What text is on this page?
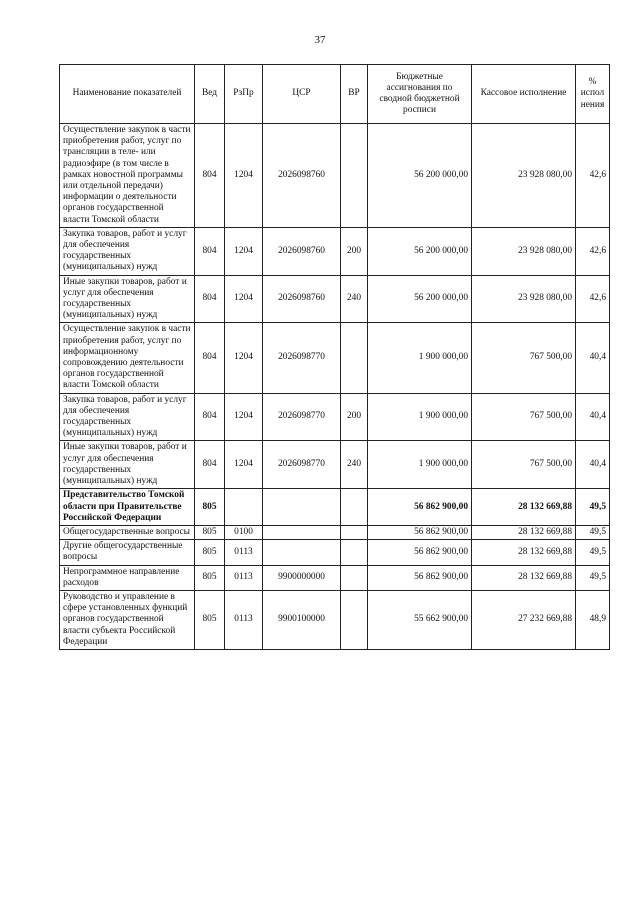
37
Наименование показателей	Вед	РзПр	ЦСР	ВР	Бюджетные ассигнования по сводной бюджетной росписи	Кассовое исполнение	% испол нения
Осуществление закупок в части приобретения работ, услуг по трансляции в теле- или радиоэфире (в том числе в рамках новостной программы или отдельной передачи) информации о деятельности органов государственной власти Томской области	804	1204	2026098760		56 200 000,00	23 928 080,00	42,6
Закупка товаров, работ и услуг для обеспечения государственных (муниципальных) нужд	804	1204	2026098760	200	56 200 000,00	23 928 080,00	42,6
Иные закупки товаров, работ и услуг для обеспечения государственных (муниципальных) нужд	804	1204	2026098760	240	56 200 000,00	23 928 080,00	42,6
Осуществление закупок в части приобретения работ, услуг по информационному сопровождению деятельности органов государственной власти Томской области	804	1204	2026098770		1 900 000,00	767 500,00	40,4
Закупка товаров, работ и услуг для обеспечения государственных (муниципальных) нужд	804	1204	2026098770	200	1 900 000,00	767 500,00	40,4
Иные закупки товаров, работ и услуг для обеспечения государственных (муниципальных) нужд	804	1204	2026098770	240	1 900 000,00	767 500,00	40,4
Представительство Томской области при Правительстве Российской Федерации	805				56 862 900,00	28 132 669,88	49,5
Общегосударственные вопросы	805	0100			56 862 900,00	28 132 669,88	49,5
Другие общегосударственные вопросы	805	0113			56 862 900,00	28 132 669,88	49,5
Непрограммное направление расходов	805	0113	9900000000		56 862 900,00	28 132 669,88	49,5
Руководство и управление в сфере установленных функций органов государственной власти субъекта Российской Федерации	805	0113	9900100000		55 662 900,00	27 232 669,88	48,9
